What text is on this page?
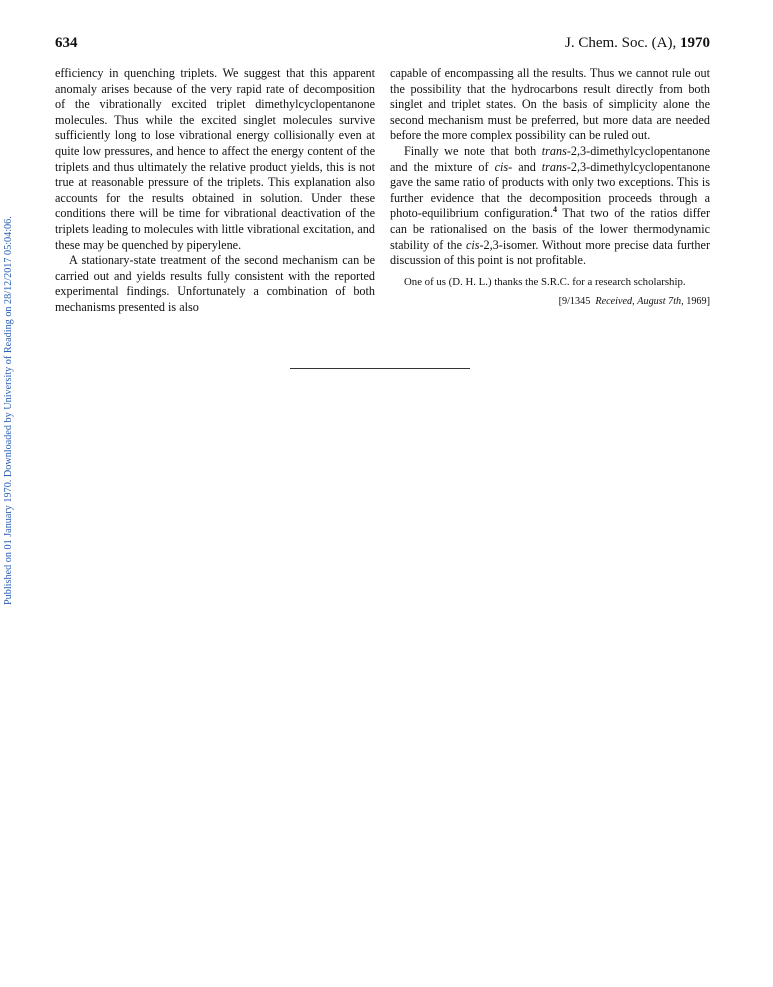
Published on 01 January 1970. Downloaded by University of Reading on 28/12/2017 05:04:06.
634	J. Chem. Soc. (A), 1970

efficiency in quenching triplets. We suggest that this apparent anomaly arises because of the very rapid rate of decomposition of the vibrationally excited triplet dimethylcyclopentanone molecules. Thus while the excited singlet molecules survive sufficiently long to lose vibrational energy collisionally even at quite low pressures, and hence to affect the energy content of the triplets and thus ultimately the relative product yields, this is not true at reasonable pressure of the triplets. This explanation also accounts for the results obtained in solution. Under these conditions there will be time for vibrational deactivation of the triplets leading to molecules with little vibrational excitation, and these may be quenched by piperylene.

A stationary-state treatment of the second mechanism can be carried out and yields results fully consistent with the reported experimental findings. Unfortunately a combination of both mechanisms presented is also

capable of encompassing all the results. Thus we cannot rule out the possibility that the hydrocarbons result directly from both singlet and triplet states. On the basis of simplicity alone the second mechanism must be preferred, but more data are needed before the more complex possibility can be ruled out.

Finally we note that both trans-2,3-dimethylcyclopentanone and the mixture of cis- and trans-2,3-dimethylcyclopentanone gave the same ratio of products with only two exceptions. This is further evidence that the decomposition proceeds through a photo-equilibrium configuration.$^4$ That two of the ratios differ can be rationalised on the basis of the lower thermodynamic stability of the cis-2,3-isomer. Without more precise data further discussion of this point is not profitable.

One of us (D. H. L.) thanks the S.R.C. for a research scholarship.

[9/1345 Received, August 7th, 1969]
